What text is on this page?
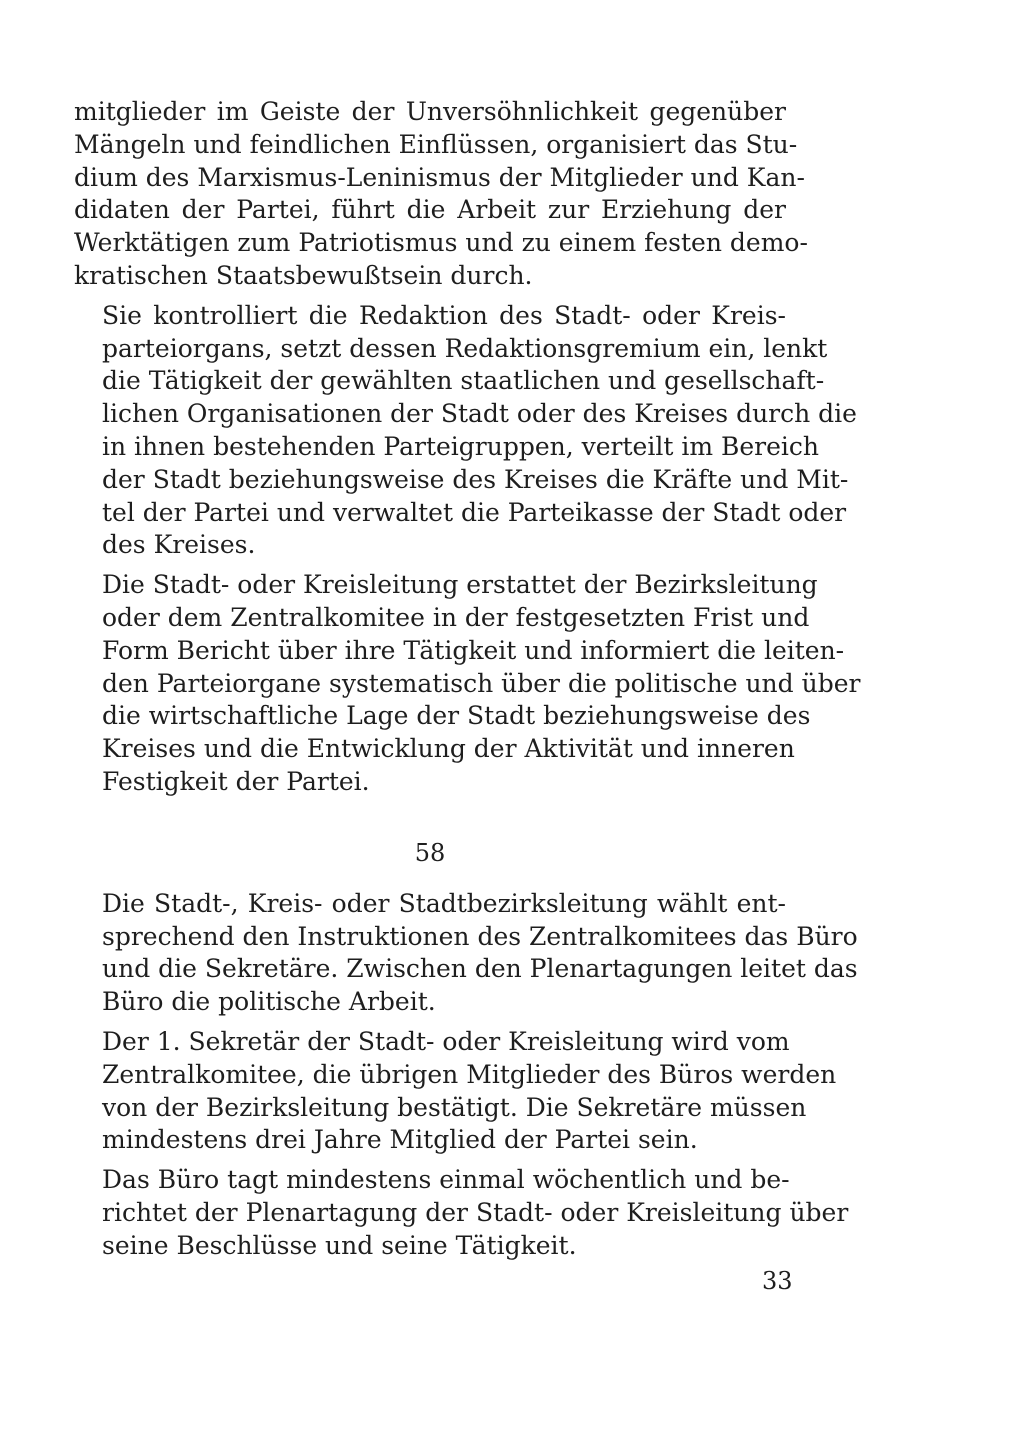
mitglieder im Geiste der Unversöhnlichkeit gegenüber
Mängeln und feindlichen Einflüssen, organisiert das Stu-
dium des Marxismus-Leninismus der Mitglieder und Kan-
didaten der Partei, führt die Arbeit zur Erziehung der
Werktätigen zum Patriotismus und zu einem festen demo-
kratischen Staatsbewußtsein durch.
Sie kontrolliert die Redaktion des Stadt- oder Kreis-
parteiorgans, setzt dessen Redaktionsgremium ein, lenkt
die Tätigkeit der gewählten staatlichen und gesellschaft-
lichen Organisationen der Stadt oder des Kreises durch die
in ihnen bestehenden Parteigruppen, verteilt im Bereich
der Stadt beziehungsweise des Kreises die Kräfte und Mit-
tel der Partei und verwaltet die Parteikasse der Stadt oder
des Kreises.
Die Stadt- oder Kreisleitung erstattet der Bezirksleitung
oder dem Zentralkomitee in der festgesetzten Frist und
Form Bericht über ihre Tätigkeit und informiert die leiten-
den Parteiorgane systematisch über die politische und über
die wirtschaftliche Lage der Stadt beziehungsweise des
Kreises und die Entwicklung der Aktivität und inneren
Festigkeit der Partei.
58
Die Stadt-, Kreis- oder Stadtbezirksleitung wählt ent-
sprechend den Instruktionen des Zentralkomitees das Büro
und die Sekretäre. Zwischen den Plenartagungen leitet das
Büro die politische Arbeit.
Der 1. Sekretär der Stadt- oder Kreisleitung wird vom
Zentralkomitee, die übrigen Mitglieder des Büros werden
von der Bezirksleitung bestätigt. Die Sekretäre müssen
mindestens drei Jahre Mitglied der Partei sein.
Das Büro tagt mindestens einmal wöchentlich und be-
richtet der Plenartagung der Stadt- oder Kreisleitung über
seine Beschlüsse und seine Tätigkeit.
33
